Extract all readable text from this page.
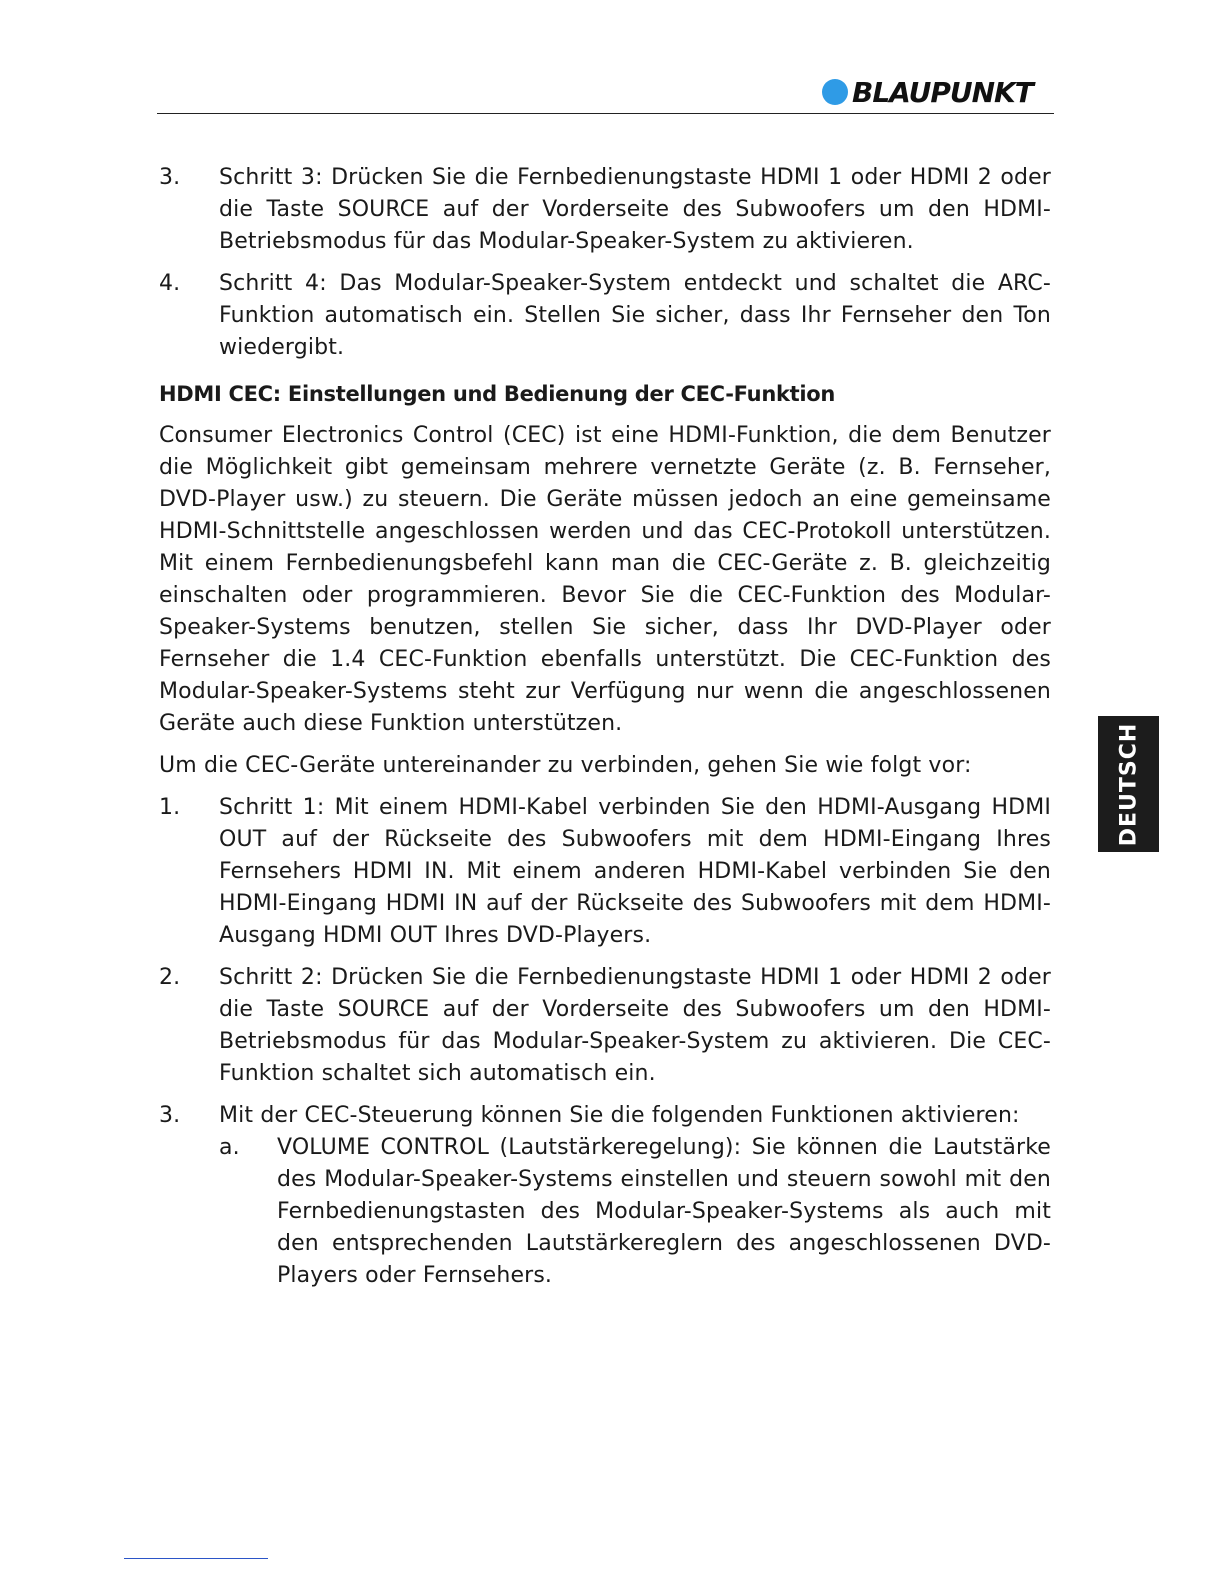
BLAUPUNKT
3.	Schritt 3: Drücken Sie die Fernbedienungstaste HDMI 1 oder HDMI 2 oder die Taste SOURCE auf der Vorderseite des Subwoofers um den HDMI-Betriebsmodus für das Modular-Speaker-System zu aktivieren.
4.	Schritt 4: Das Modular-Speaker-System entdeckt und schaltet die ARC-Funktion automatisch ein. Stellen Sie sicher, dass Ihr Fernseher den Ton wiedergibt.
HDMI CEC: Einstellungen und Bedienung der CEC-Funktion
Consumer Electronics Control (CEC) ist eine HDMI-Funktion, die dem Benutzer die Möglichkeit gibt gemeinsam mehrere vernetzte Geräte (z. B. Fernseher, DVD-Player usw.) zu steuern. Die Geräte müssen jedoch an eine gemeinsame HDMI-Schnittstelle angeschlossen werden und das CEC-Protokoll unterstützen. Mit einem Fernbedienungsbefehl kann man die CEC-Geräte z. B. gleichzeitig einschalten oder programmieren. Bevor Sie die CEC-Funktion des Modular-Speaker-Systems benutzen, stellen Sie sicher, dass Ihr DVD-Player oder Fernseher die 1.4 CEC-Funktion ebenfalls unterstützt. Die CEC-Funktion des Modular-Speaker-Systems steht zur Verfügung nur wenn die angeschlossenen Geräte auch diese Funktion unterstützen.
Um die CEC-Geräte untereinander zu verbinden, gehen Sie wie folgt vor:
1.	Schritt 1: Mit einem HDMI-Kabel verbinden Sie den HDMI-Ausgang HDMI OUT auf der Rückseite des Subwoofers mit dem HDMI-Eingang Ihres Fernsehers HDMI IN. Mit einem anderen HDMI-Kabel verbinden Sie den HDMI-Eingang HDMI IN auf der Rückseite des Subwoofers mit dem HDMI-Ausgang HDMI OUT Ihres DVD-Players.
2.	Schritt 2: Drücken Sie die Fernbedienungstaste HDMI 1 oder HDMI 2 oder die Taste SOURCE auf der Vorderseite des Subwoofers um den HDMI-Betriebsmodus für das Modular-Speaker-System zu aktivieren. Die CEC-Funktion schaltet sich automatisch ein.
3.	Mit der CEC-Steuerung können Sie die folgenden Funktionen aktivieren:
a.	VOLUME CONTROL (Lautstärkeregelung): Sie können die Lautstärke des Modular-Speaker-Systems einstellen und steuern sowohl mit den Fernbedienungstasten des Modular-Speaker-Systems als auch mit den entsprechenden Lautstärkereglern des angeschlossenen DVD-Players oder Fernsehers.
DEUTSCH
